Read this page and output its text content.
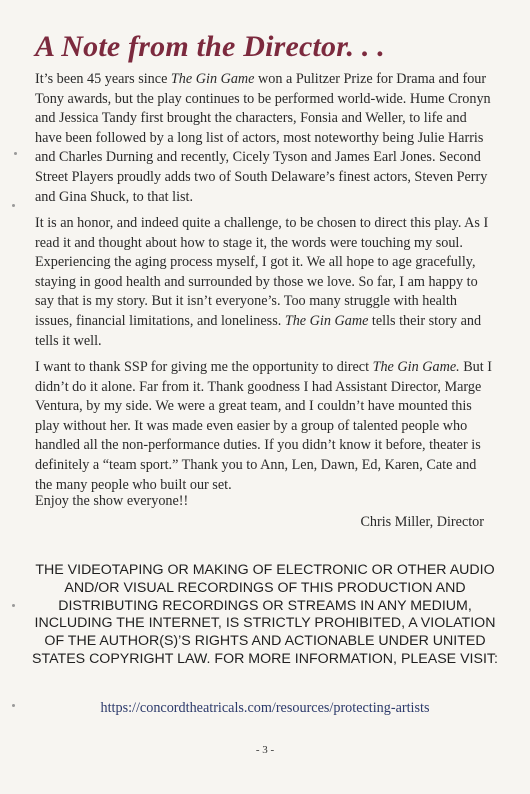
A Note from the Director. . .

It’s been 45 years since The Gin Game won a Pulitzer Prize for Drama and four Tony awards, but the play continues to be performed world-wide. Hume Cronyn and Jessica Tandy first brought the characters, Fonsia and Weller, to life and have been followed by a long list of actors, most noteworthy being Julie Harris and Charles Durning and recently, Cicely Tyson and James Earl Jones. Second Street Players proudly adds two of South Delaware’s finest actors, Steven Perry and Gina Shuck, to that list.

It is an honor, and indeed quite a challenge, to be chosen to direct this play. As I read it and thought about how to stage it, the words were touching my soul. Experiencing the aging process myself, I got it. We all hope to age gracefully, staying in good health and surrounded by those we love. So far, I am happy to say that is my story. But it isn’t everyone’s. Too many struggle with health issues, financial limitations, and loneliness. The Gin Game tells their story and tells it well.

I want to thank SSP for giving me the opportunity to direct The Gin Game. But I didn’t do it alone. Far from it. Thank goodness I had Assistant Director, Marge Ventura, by my side. We were a great team, and I couldn’t have mounted this play without her. It was made even easier by a group of talented people who handled all the non-performance duties. If you didn’t know it before, theater is definitely a “team sport.” Thank you to Ann, Len, Dawn, Ed, Karen, Cate and the many people who built our set.

Enjoy the show everyone!!

Chris Miller, Director

THE VIDEOTAPING OR MAKING OF ELECTRONIC OR OTHER AUDIO AND/OR VISUAL RECORDINGS OF THIS PRODUCTION AND DISTRIBUTING RECORDINGS OR STREAMS IN ANY MEDIUM, INCLUDING THE INTERNET, IS STRICTLY PROHIBITED, A VIOLATION OF THE AUTHOR(S)’S RIGHTS AND ACTIONABLE UNDER UNITED STATES COPYRIGHT LAW. FOR MORE INFORMATION, PLEASE VISIT:

https://concordtheatricals.com/resources/protecting-artists

- 3 -
